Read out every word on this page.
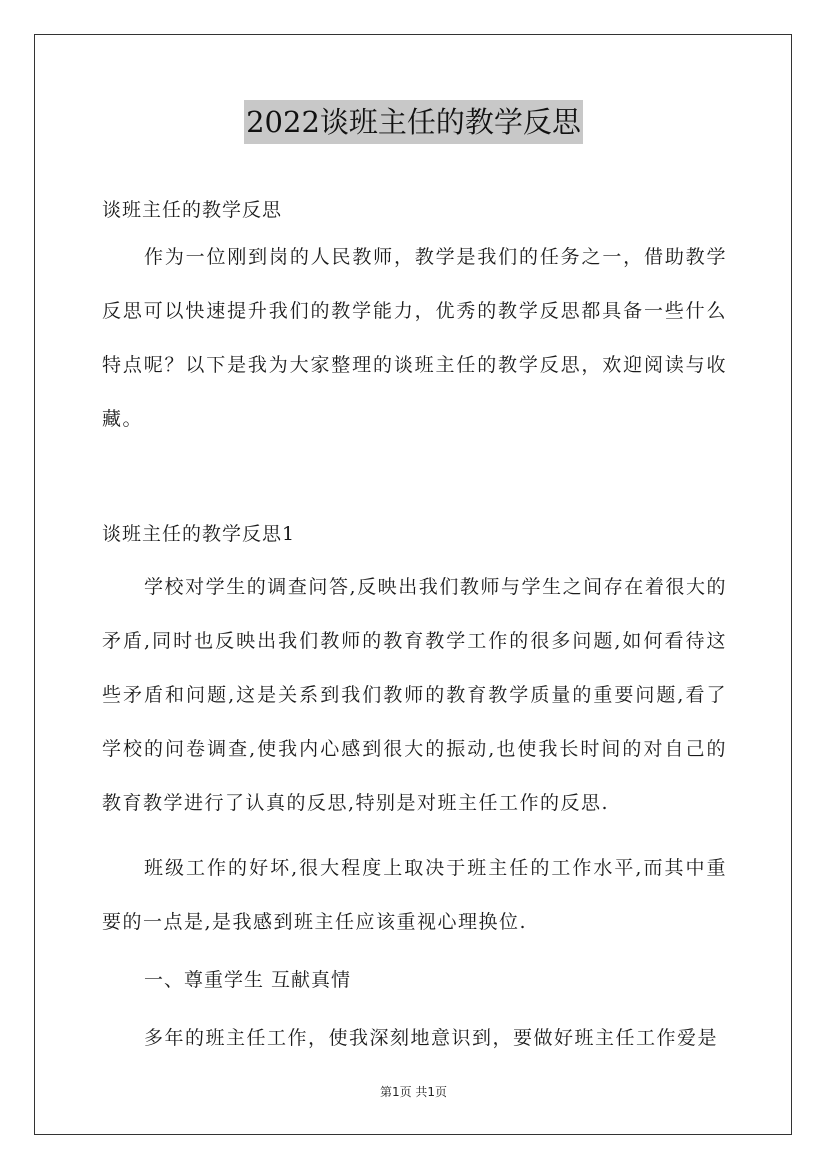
2022谈班主任的教学反思

谈班主任的教学反思

作为一位刚到岗的人民教师，教学是我们的任务之一，借助教学反思可以快速提升我们的教学能力，优秀的教学反思都具备一些什么特点呢？以下是我为大家整理的谈班主任的教学反思，欢迎阅读与收藏。

谈班主任的教学反思1

学校对学生的调查问答,反映出我们教师与学生之间存在着很大的矛盾,同时也反映出我们教师的教育教学工作的很多问题,如何看待这些矛盾和问题,这是关系到我们教师的教育教学质量的重要问题,看了学校的问卷调查,使我内心感到很大的振动,也使我长时间的对自己的教育教学进行了认真的反思,特别是对班主任工作的反思.

班级工作的好坏,很大程度上取决于班主任的工作水平,而其中重要的一点是,是我感到班主任应该重视心理换位.

一、尊重学生 互献真情

多年的班主任工作，使我深刻地意识到，要做好班主任工作爱是

第1页 共1页
